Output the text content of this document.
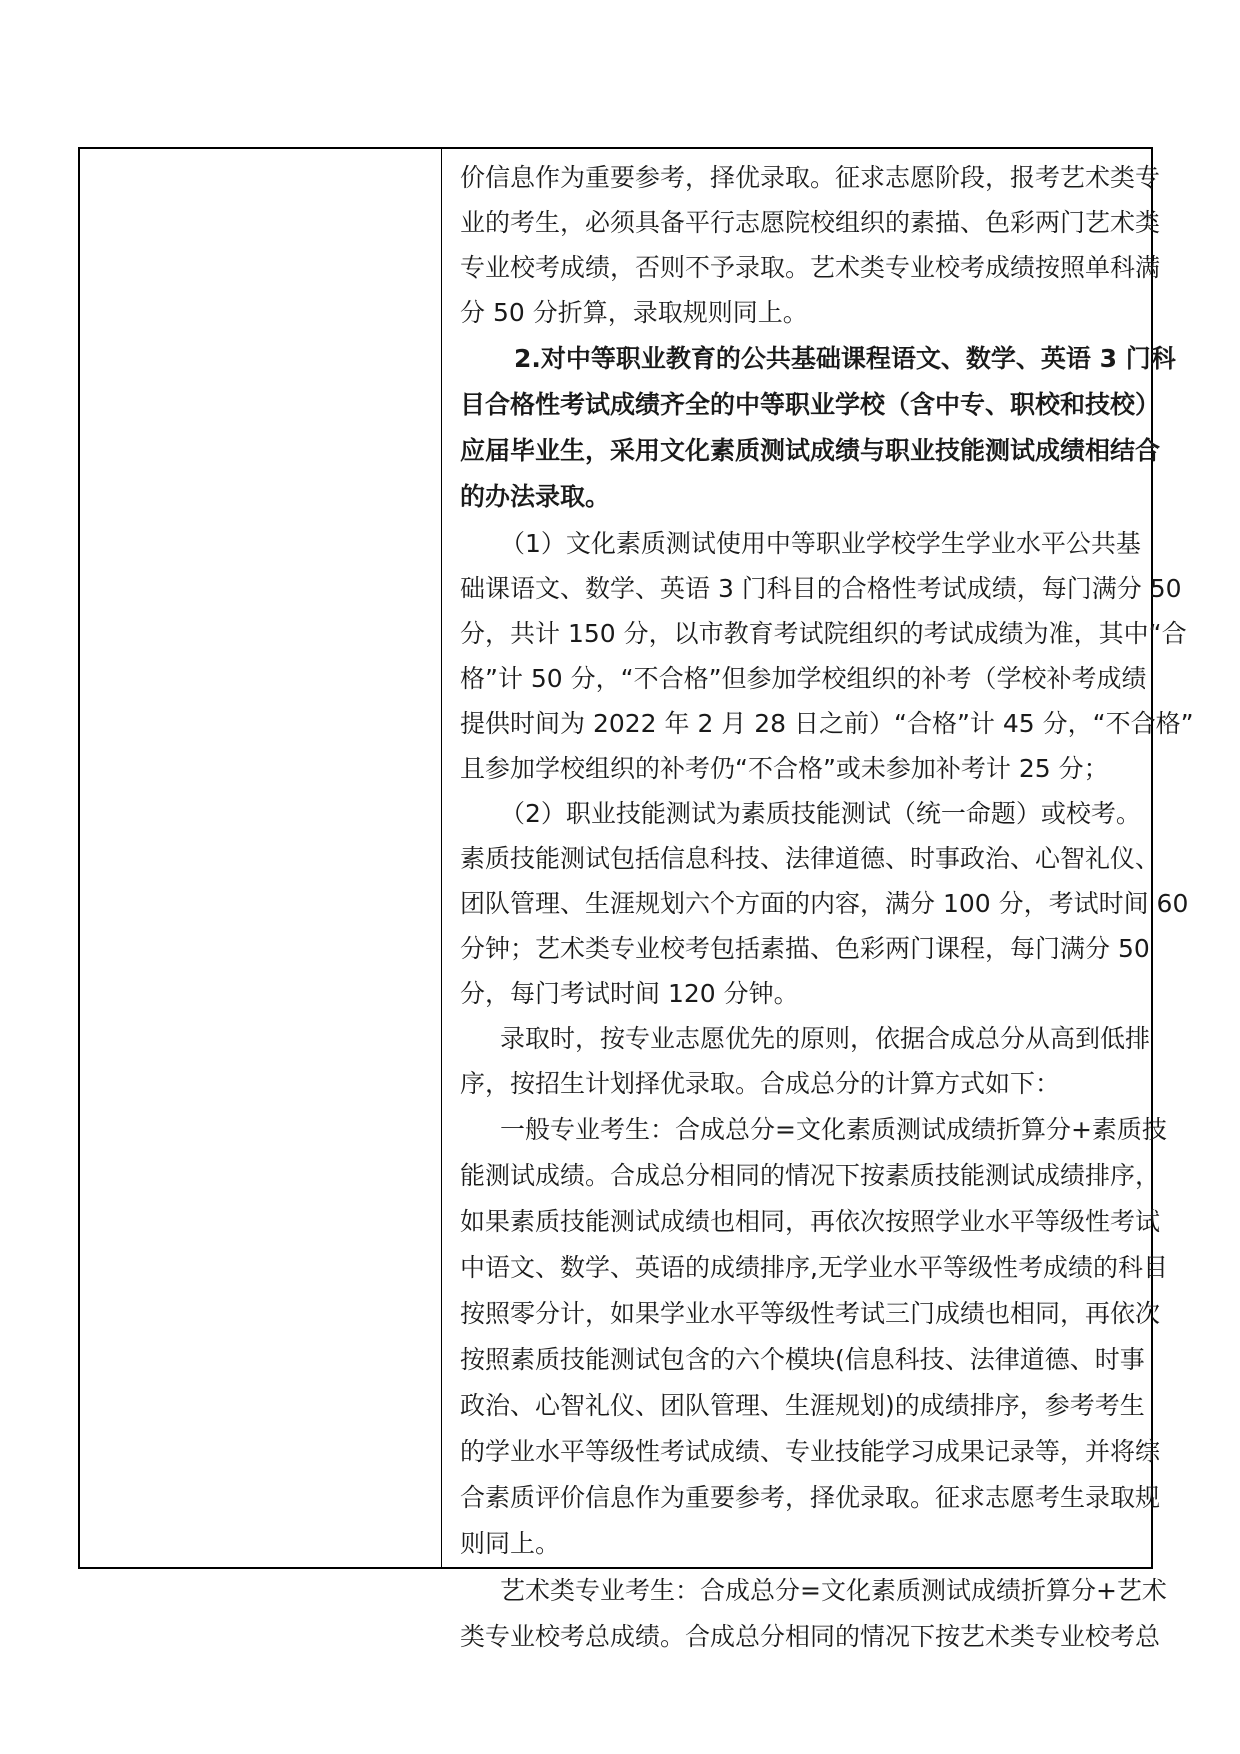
价信息作为重要参考，择优录取。征求志愿阶段，报考艺术类专
业的考生，必须具备平行志愿院校组织的素描、色彩两门艺术类
专业校考成绩，否则不予录取。艺术类专业校考成绩按照单科满
分 50 分折算，录取规则同上。
2.对中等职业教育的公共基础课程语文、数学、英语 3 门科
目合格性考试成绩齐全的中等职业学校（含中专、职校和技校）
应届毕业生，采用文化素质测试成绩与职业技能测试成绩相结合
的办法录取。
（1）文化素质测试使用中等职业学校学生学业水平公共基
础课语文、数学、英语 3 门科目的合格性考试成绩，每门满分 50
分，共计 150 分，以市教育考试院组织的考试成绩为准，其中“合
格”计 50 分，“不合格”但参加学校组织的补考（学校补考成绩
提供时间为 2022 年 2 月 28 日之前）“合格”计 45 分，“不合格”
且参加学校组织的补考仍“不合格”或未参加补考计 25 分；
（2）职业技能测试为素质技能测试（统一命题）或校考。
素质技能测试包括信息科技、法律道德、时事政治、心智礼仪、
团队管理、生涯规划六个方面的内容，满分 100 分，考试时间 60
分钟；艺术类专业校考包括素描、色彩两门课程，每门满分 50
分，每门考试时间 120 分钟。
录取时，按专业志愿优先的原则，依据合成总分从高到低排
序，按招生计划择优录取。合成总分的计算方式如下：
一般专业考生：合成总分=文化素质测试成绩折算分+素质技
能测试成绩。合成总分相同的情况下按素质技能测试成绩排序，
如果素质技能测试成绩也相同，再依次按照学业水平等级性考试
中语文、数学、英语的成绩排序,无学业水平等级性考成绩的科目
按照零分计，如果学业水平等级性考试三门成绩也相同，再依次
按照素质技能测试包含的六个模块(信息科技、法律道德、时事
政治、心智礼仪、团队管理、生涯规划)的成绩排序，参考考生
的学业水平等级性考试成绩、专业技能学习成果记录等，并将综
合素质评价信息作为重要参考，择优录取。征求志愿考生录取规
则同上。
艺术类专业考生：合成总分=文化素质测试成绩折算分+艺术
类专业校考总成绩。合成总分相同的情况下按艺术类专业校考总
